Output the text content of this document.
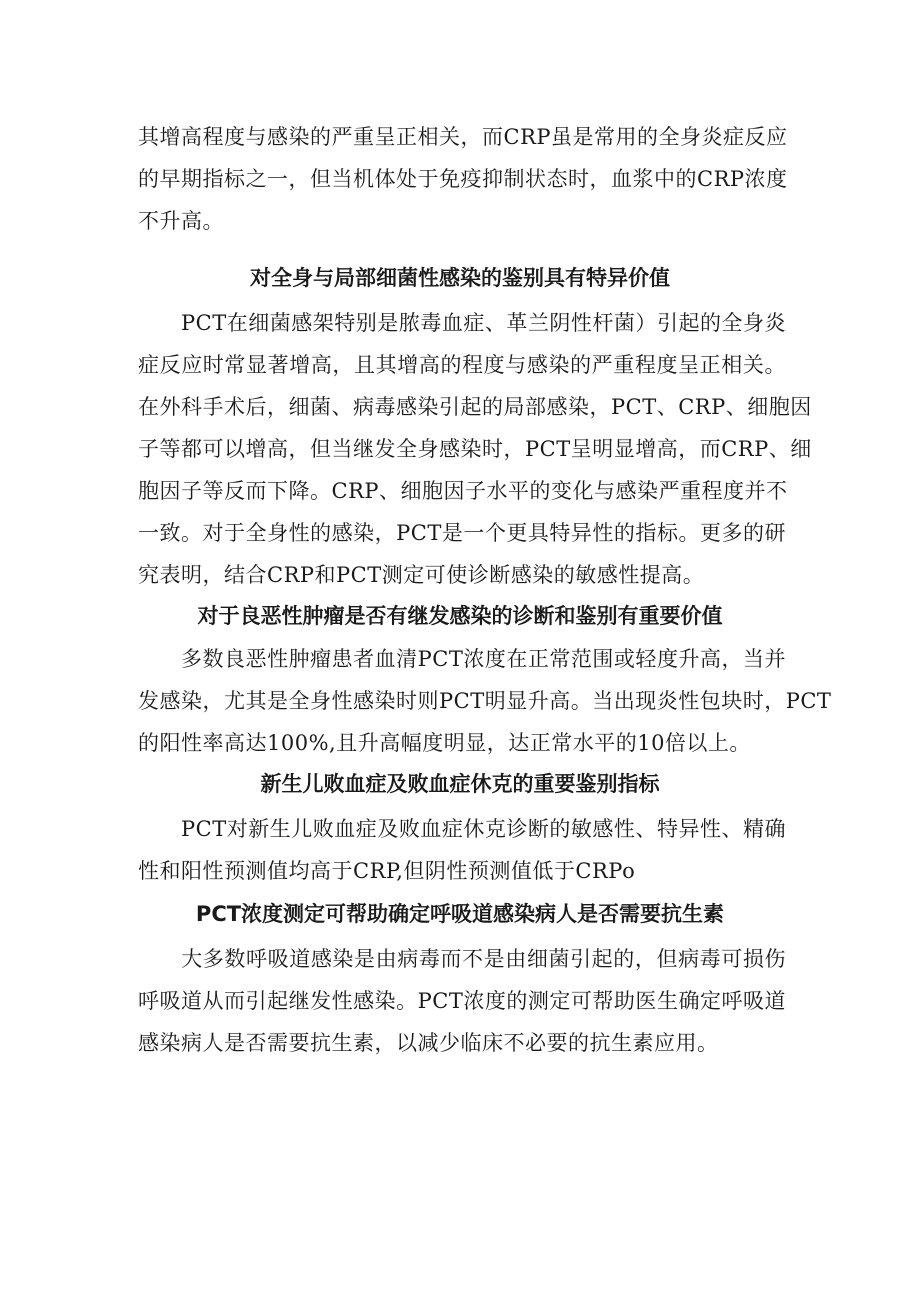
其增高程度与感染的严重呈正相关，而CRP虽是常用的全身炎症反应
的早期指标之一，但当机体处于免疫抑制状态时，血浆中的CRP浓度
不升高。
对全身与局部细菌性感染的鉴别具有特异价值
　　PCT在细菌感架特别是脓毒血症、革兰阴性杆菌）引起的全身炎
症反应时常显著增高，且其增高的程度与感染的严重程度呈正相关。
在外科手术后，细菌、病毒感染引起的局部感染，PCT、CRP、细胞因
子等都可以增高，但当继发全身感染时，PCT呈明显增高，而CRP、细
胞因子等反而下降。CRP、细胞因子水平的变化与感染严重程度并不
一致。对于全身性的感染，PCT是一个更具特异性的指标。更多的研
究表明，结合CRP和PCT测定可使诊断感染的敏感性提高。
对于良恶性肿瘤是否有继发感染的诊断和鉴别有重要价值
　　多数良恶性肿瘤患者血清PCT浓度在正常范围或轻度升高，当并
发感染，尤其是全身性感染时则PCT明显升高。当出现炎性包块时，PCT
的阳性率高达100%,且升高幅度明显，达正常水平的10倍以上。
新生儿败血症及败血症休克的重要鉴别指标
　　PCT对新生儿败血症及败血症休克诊断的敏感性、特异性、精确
性和阳性预测值均高于CRP,但阴性预测值低于CRPo
PCT浓度测定可帮助确定呼吸道感染病人是否需要抗生素
　　大多数呼吸道感染是由病毒而不是由细菌引起的，但病毒可损伤
呼吸道从而引起继发性感染。PCT浓度的测定可帮助医生确定呼吸道
感染病人是否需要抗生素，以减少临床不必要的抗生素应用。
